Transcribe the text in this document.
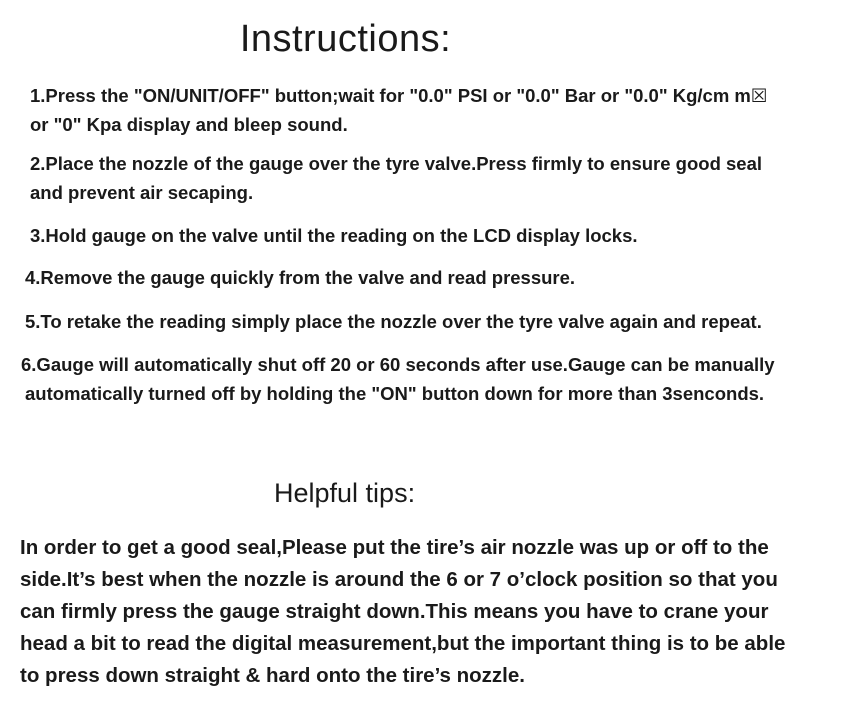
Instructions:

1.Press the "ON/UNIT/OFF" button;wait for "0.0" PSI or "0.0" Bar or "0.0" Kg/cm m☒

or "0" Kpa display and bleep sound.

2.Place the nozzle of the gauge over the tyre valve.Press firmly to ensure good seal

and prevent air secaping.

3.Hold gauge on the valve until the reading on the LCD display locks.

4.Remove the gauge quickly from the valve and read pressure.

5.To retake the reading simply place the nozzle over the tyre valve again and repeat.

6.Gauge will automatically shut off 20 or 60 seconds after use.Gauge can be manually

automatically turned off by holding the "ON" button down for more than 3senconds.

Helpful tips:

In order to get a good seal,Please put the tire’s air nozzle was up or off to the

side.It’s best when the nozzle is around the 6 or 7 o’clock position so that you

can firmly press the gauge straight down.This means you have to crane your

head a bit to read the digital measurement,but the important thing is to be able

to press down straight & hard onto the tire’s nozzle.
